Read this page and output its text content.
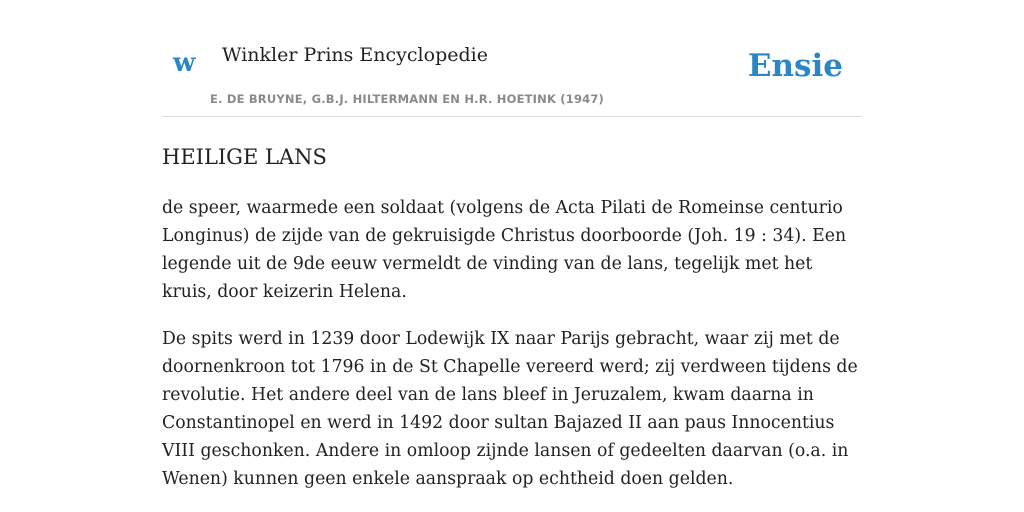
w Winkler Prins Encyclopedie
E. DE BRUYNE, G.B.J. HILTERMANN EN H.R. HOETINK (1947)
Ensie
HEILIGE LANS

de speer, waarmede een soldaat (volgens de Acta Pilati de Romeinse centurio Longinus) de zijde van de gekruisigde Christus doorboorde (Joh. 19 : 34). Een legende uit de 9de eeuw vermeldt de vinding van de lans, tegelijk met het kruis, door keizerin Helena.

De spits werd in 1239 door Lodewijk IX naar Parijs gebracht, waar zij met de doornenkroon tot 1796 in de St Chapelle vereerd werd; zij verdween tijdens de revolutie. Het andere deel van de lans bleef in Jeruzalem, kwam daarna in Constantinopel en werd in 1492 door sultan Bajazed II aan paus Innocentius VIII geschonken. Andere in omloop zijnde lansen of gedeelten daarvan (o.a. in Wenen) kunnen geen enkele aanspraak op echtheid doen gelden.
